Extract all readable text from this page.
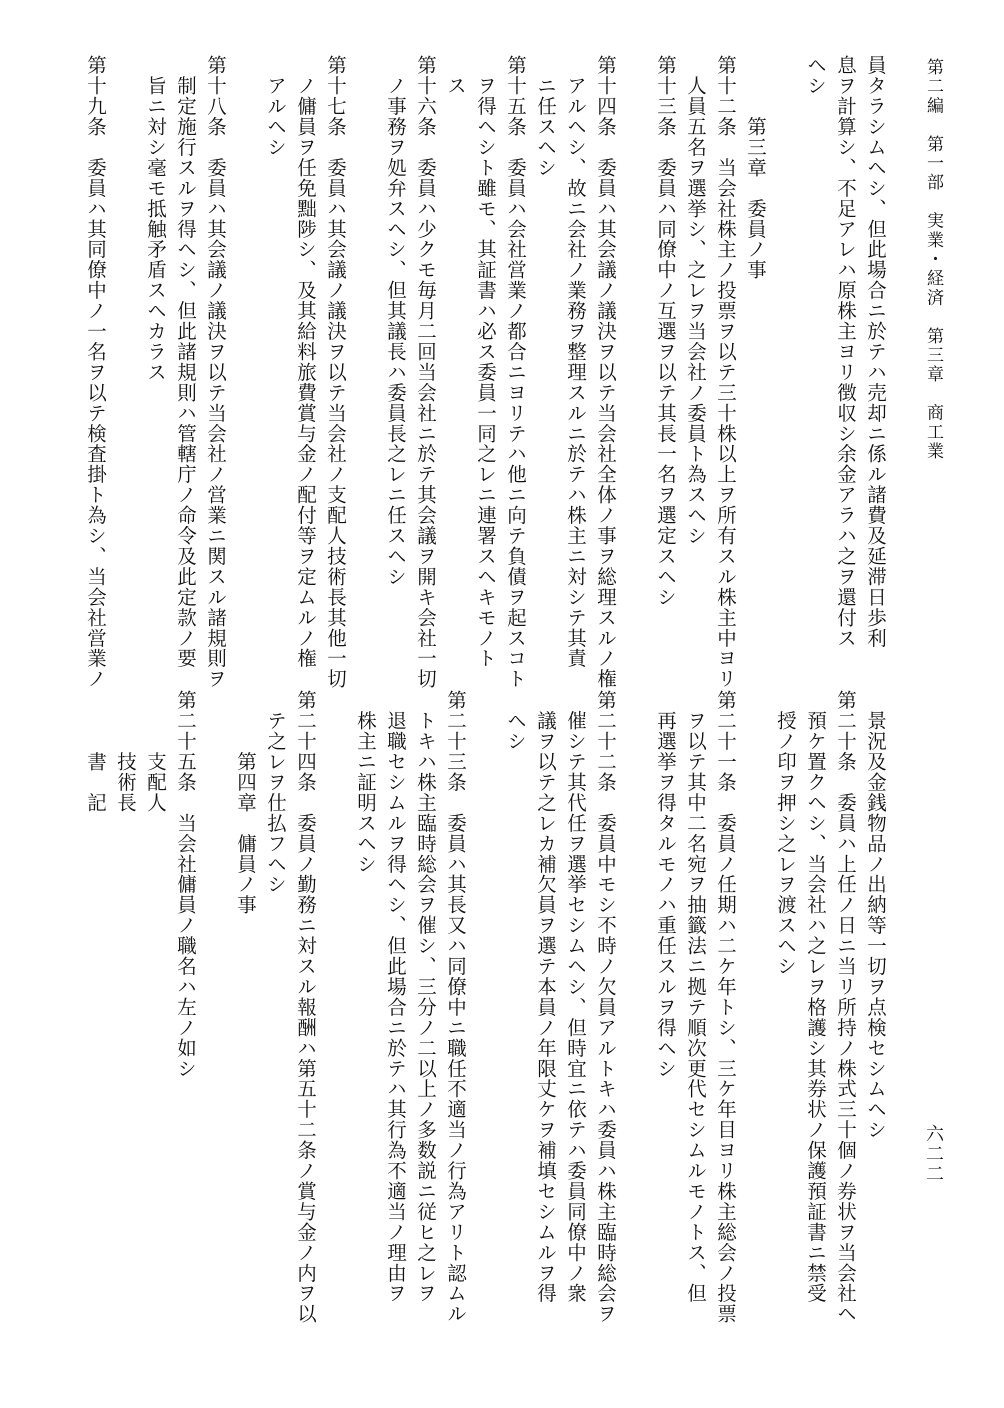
第二編　第一部　実業・経済　第三章　商工業
六二二
員タラシムヘシ、但此場合ニ於テハ売却ニ係ル諸費及延滞日歩利
息ヲ計算シ、不足アレハ原株主ヨリ徴収シ余金アラハ之ヲ還付ス
ヘシ
　　　第三章　委員ノ事
第十二条　当会社株主ノ投票ヲ以テ三十株以上ヲ所有スル株主中ヨリ
　人員五名ヲ選挙シ、之レヲ当会社ノ委員ト為スヘシ
第十三条　委員ハ同僚中ノ互選ヲ以テ其長一名ヲ選定スヘシ
第十四条　委員ハ其会議ノ議決ヲ以テ当会社全体ノ事ヲ総理スルノ権
　アルヘシ、故ニ会社ノ業務ヲ整理スルニ於テハ株主ニ対シテ其責
　ニ任スヘシ
第十五条　委員ハ会社営業ノ都合ニヨリテハ他ニ向テ負債ヲ起スコト
　ヲ得ヘシト雖モ、其証書ハ必ス委員一同之レニ連署スヘキモノト
　ス
第十六条　委員ハ少クモ毎月二回当会社ニ於テ其会議ヲ開キ会社一切
　ノ事務ヲ処弁スヘシ、但其議長ハ委員長之レニ任スヘシ
第十七条　委員ハ其会議ノ議決ヲ以テ当会社ノ支配人技術長其他一切
　ノ傭員ヲ任免黜陟シ、及其給料旅費賞与金ノ配付等ヲ定ムルノ権
　アルヘシ
第十八条　委員ハ其会議ノ議決ヲ以テ当会社ノ営業ニ関スル諸規則ヲ
　制定施行スルヲ得ヘシ、但此諸規則ハ管轄庁ノ命令及此定款ノ要
　旨ニ対シ毫モ抵触矛盾スヘカラス
第十九条　委員ハ其同僚中ノ一名ヲ以テ検査掛ト為シ、当会社営業ノ
　景況及金銭物品ノ出納等一切ヲ点検セシムヘシ
第二十条　委員ハ上任ノ日ニ当リ所持ノ株式三十個ノ券状ヲ当会社ヘ
　預ケ置クヘシ、当会社ハ之レヲ格護シ其券状ノ保護預証書ニ禁受
　授ノ印ヲ押シ之レヲ渡スヘシ
第二十一条　委員ノ任期ハ二ケ年トシ、三ケ年目ヨリ株主総会ノ投票
　ヲ以テ其中二名宛ヲ抽籤法ニ拠テ順次更代セシムルモノトス、但
　再選挙ヲ得タルモノハ重任スルヲ得ヘシ
第二十二条　委員中モシ不時ノ欠員アルトキハ委員ハ株主臨時総会ヲ
　催シテ其代任ヲ選挙セシムヘシ、但時宜ニ依テハ委員同僚中ノ衆
　議ヲ以テ之レカ補欠員ヲ選テ本員ノ年限丈ケヲ補填セシムルヲ得
　ヘシ
第二十三条　委員ハ其長又ハ同僚中ニ職任不適当ノ行為アリト認ムル
　トキハ株主臨時総会ヲ催シ、三分ノ二以上ノ多数説ニ従ヒ之レヲ
　退職セシムルヲ得ヘシ、但此場合ニ於テハ其行為不適当ノ理由ヲ
　株主ニ証明スヘシ
第二十四条　委員ノ勤務ニ対スル報酬ハ第五十二条ノ賞与金ノ内ヲ以
　テ之レヲ仕払フヘシ
　　　第四章　傭員ノ事
第二十五条　当会社傭員ノ職名ハ左ノ如シ
　　　支配人
　　　技術長
　　　書　記
